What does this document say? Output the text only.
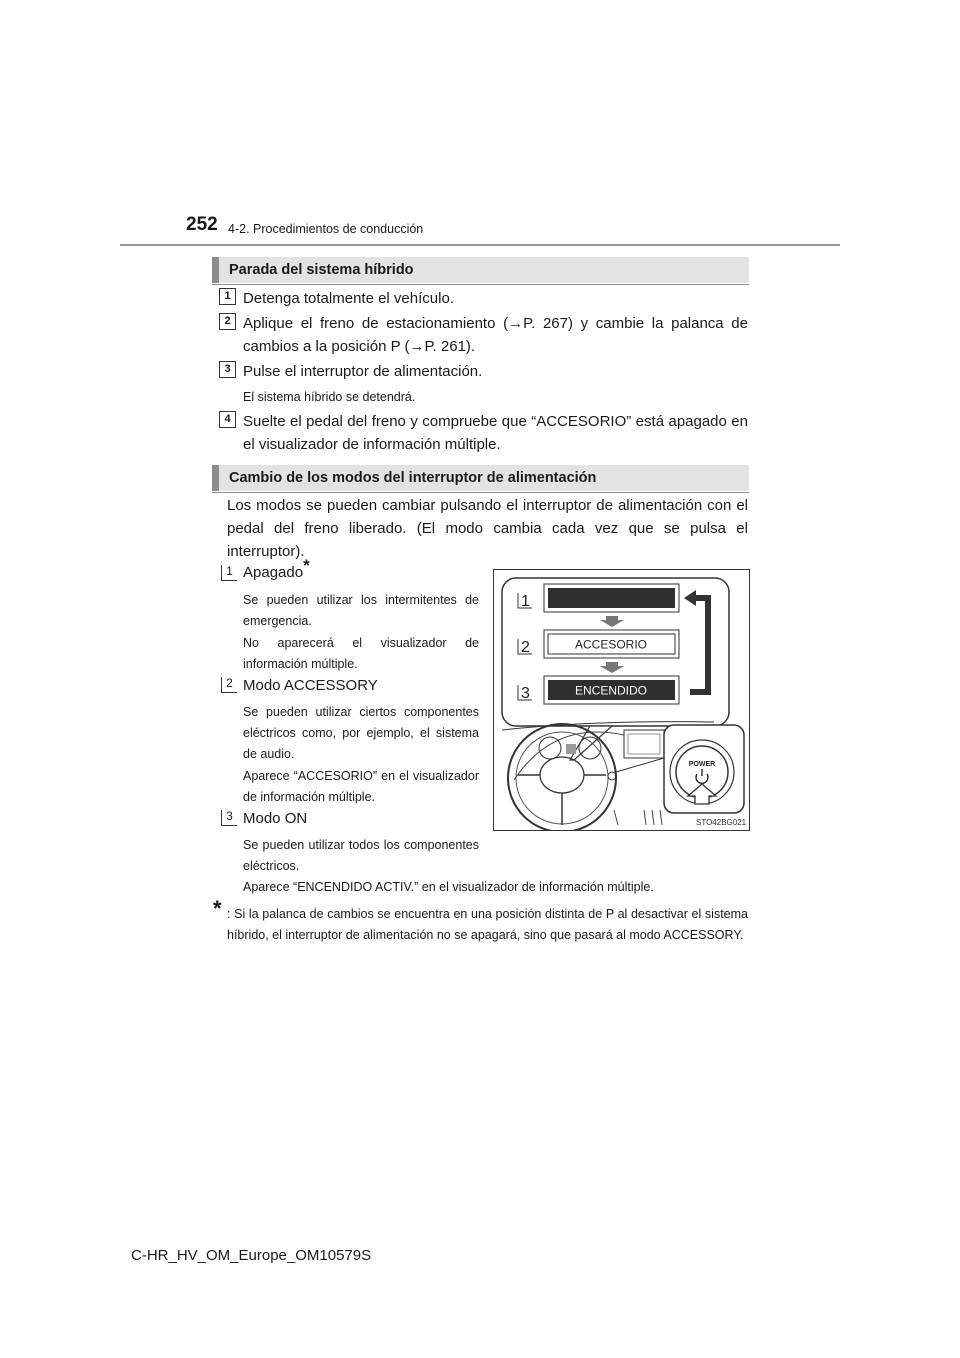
252 4-2. Procedimientos de conducción
Parada del sistema híbrido
1 Detenga totalmente el vehículo.
2 Aplique el freno de estacionamiento (→P. 267) y cambie la palanca de cambios a la posición P (→P. 261).
3 Pulse el interruptor de alimentación.
El sistema híbrido se detendrá.
4 Suelte el pedal del freno y compruebe que “ACCESORIO” está apagado en el visualizador de información múltiple.
Cambio de los modos del interruptor de alimentación
Los modos se pueden cambiar pulsando el interruptor de alimentación con el pedal del freno liberado. (El modo cambia cada vez que se pulsa el interruptor).
1 Apagado*
Se pueden utilizar los intermitentes de emergencia.
No aparecerá el visualizador de información múltiple.
2 Modo ACCESSORY
Se pueden utilizar ciertos componentes eléctricos como, por ejemplo, el sistema de audio.
Aparece “ACCESORIO” en el visualizador de información múltiple.
3 Modo ON
Se pueden utilizar todos los componentes eléctricos.
Aparece “ENCENDIDO ACTIV.” en el visualizador de información múltiple.
* : Si la palanca de cambios se encuentra en una posición distinta de P al desactivar el sistema híbrido, el interruptor de alimentación no se apagará, sino que pasará al modo ACCESSORY.
ACCESORIO
ENCENDIDO
1
2
3
POWER
STO42BG021
C-HR_HV_OM_Europe_OM10579S
